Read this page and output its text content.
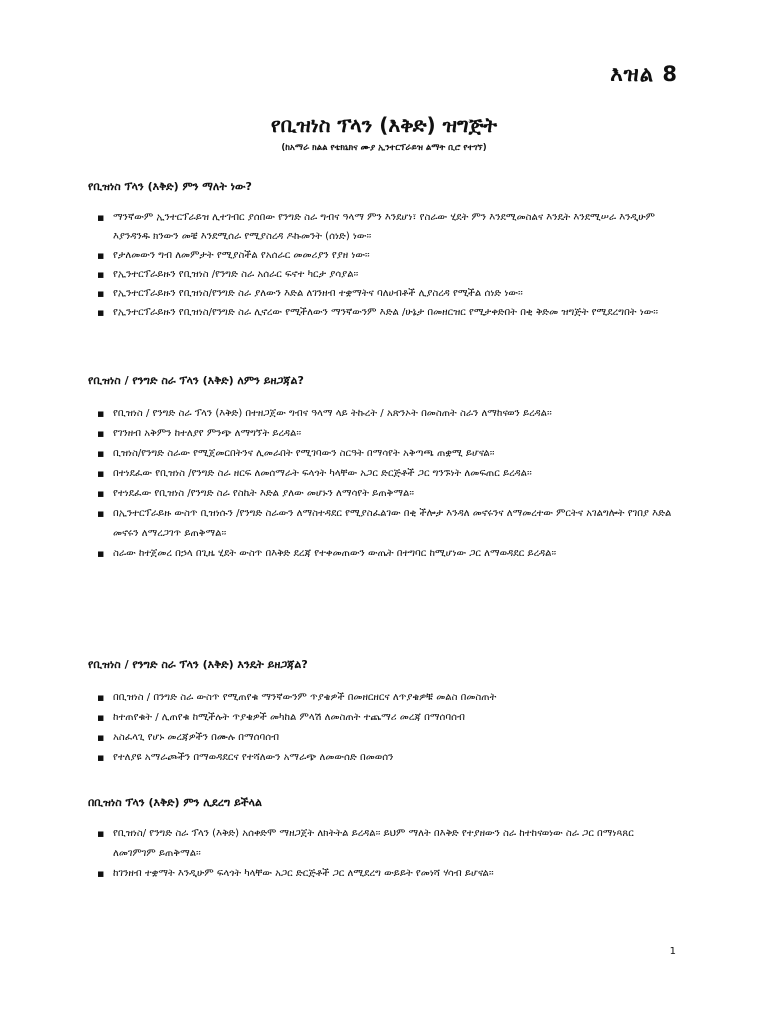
እዝል 8
የቢዝነስ ፕላን (እቅድ) ዝግጅት
(ከአማራ ክልል የቴክኒክና ሙያ ኢንተርፕራይዝ ልማት ቢሮ የተገኘ)
የቢዝነስ ፕላን (እቅድ) ምን ማለት ነው?
▪ ማንኛውም ኢንተርፕራይዝ ሊተገብር ያሰበው የንግድ ስራ ግብና ዓላማ ምን እንደሆነ፣ የስራው ሂደት ምን እንደሚመስልና እንዴት እንደሚሠራ እንዲሁም እያንዳንዱ ክንውን መቼ እንደሚሰራ የሚያስረዳ ዶኩመንት (ሰነድ) ነው፡፡
▪ የታለመውን ግብ ለመምታት የሚያስችል የአሰራር መመሪያን የያዘ ነው፡፡
▪ የኢንተርፕራይዙን የቢዝነስ /የንግድ ስራ አሰራር ፍኖተ ካርታ ያሳያል፡፡
▪ የኢንተርፕራይዙን የቢዝነስ/የንግድ ስራ ያለውን እድል ለገንዘብ ተቋማትና ባለሀብቶች ሊያስረዳ የሚችል ሰነድ ነው፡፡
▪ የኢንተርፕራይዙን የቢዝነስ/የንግድ ስራ ሊኖረው የሚችለውን ማንኛውንም እድል /ሁኔታ በመዘርዝር የሚታቀድበት በቂ ቅድመ ዝግጅት የሚደረግበት ነው፡፡
የቢዝነስ / የንግድ ስራ ፕላን (እቅድ) ለምን ይዘጋጃል?
▪ የቢዝነስ / የንግድ ስራ ፕላን (እቅድ) በተዘጋጀው ግብና ዓላማ ላይ ትኩረት / አጽንኦት በመስጠት ስራን ለማከናወን ይረዳል፡፡
▪ የገንዘብ አቅምን ከተለያየ ምንጭ ለማግኘት ይረዳል፡፡
▪ ቢዝነስ/የንግድ ስራው የሚጀመርበትንና ሊመራበት የሚገባውን ስርዓት በማሳየት አቅጣጫ ጠቋሚ ይሆናል፡፡
▪ በተነደፈው የቢዝነስ /የንግድ ስራ ዘርፍ ለመሰማራት ፍላጎት ካላቸው አጋር ድርጅቶች ጋር ግንኙነት ለመፍጠር ይረዳል፡፡
▪ የተነደፈው የቢዝነስ /የንግድ ስራ የስኬት እድል ያለው መሆኑን ለማሳየት ይጠቅማል፡፡
▪ በኢንተርፕራይዙ ውስጥ ቢዝነሱን /የንግድ ስራውን ለማስተዳደር የሚያስፈልገው በቂ ችሎታ እንዳለ መኖሩንና ለማመረተው ምርትና አገልግሎት የገበያ እድል መኖሩን ለማረጋገጥ ይጠቅማል፡፡
▪ ስራው ከተጀመረ በኃላ በጊዜ ሂደት ውስጥ በእቅድ ደረጃ የተቀመጠውን ውጤት በተግባር ከሚሆነው ጋር ለማወዳደር ይረዳል፡፡
የቢዝነስ / የንግድ ስራ ፕላን (እቅድ) እንዴት ይዘጋጃል?
▪ በቢዝነስ / በንግድ ስራ ውስጥ የሚጠየቁ ማንኛውንም ጥያቄዎች በመዘርዘርና ለጥያቄዎቹ መልስ በመስጠት
▪ ከተጠየቁት / ሊጠየቁ ከሚችሉት ጥያቄዎች መካከል ምላሽ ለመስጠት ተጨማሪ መረጃ በማሰባሰብ
▪ አስፈላጊ የሆኑ መረጃዎችን በሙሉ በማሰባሰብ
▪ የተለያዩ አማራጮችን በማወዳደርና የተሻለውን አማራጭ ለመውሰድ በመወሰን
በቢዝነስ ፕላን (እቅድ) ምን ሊደረግ ይችላል
▪ የቢዝነስ/ የንግድ ስራ ፕላን (እቅድ) አሰቀድሞ ማዘጋጀት ለክትትል ይረዳል፡፡ ይህም ማለት በእቅድ የተያዘውን ስራ ከተከናወነው ስራ ጋር በማነጻጸር ለመገምገም ይጠቅማል፡፡
▪ ከገንዘብ ተቋማት እንዲሁም ፍላጎት ካላቸው አጋር ድርጅቶች ጋር ለሚደረግ ውይይት የመነሻ ሃሳብ ይሆናል፡፡
1
